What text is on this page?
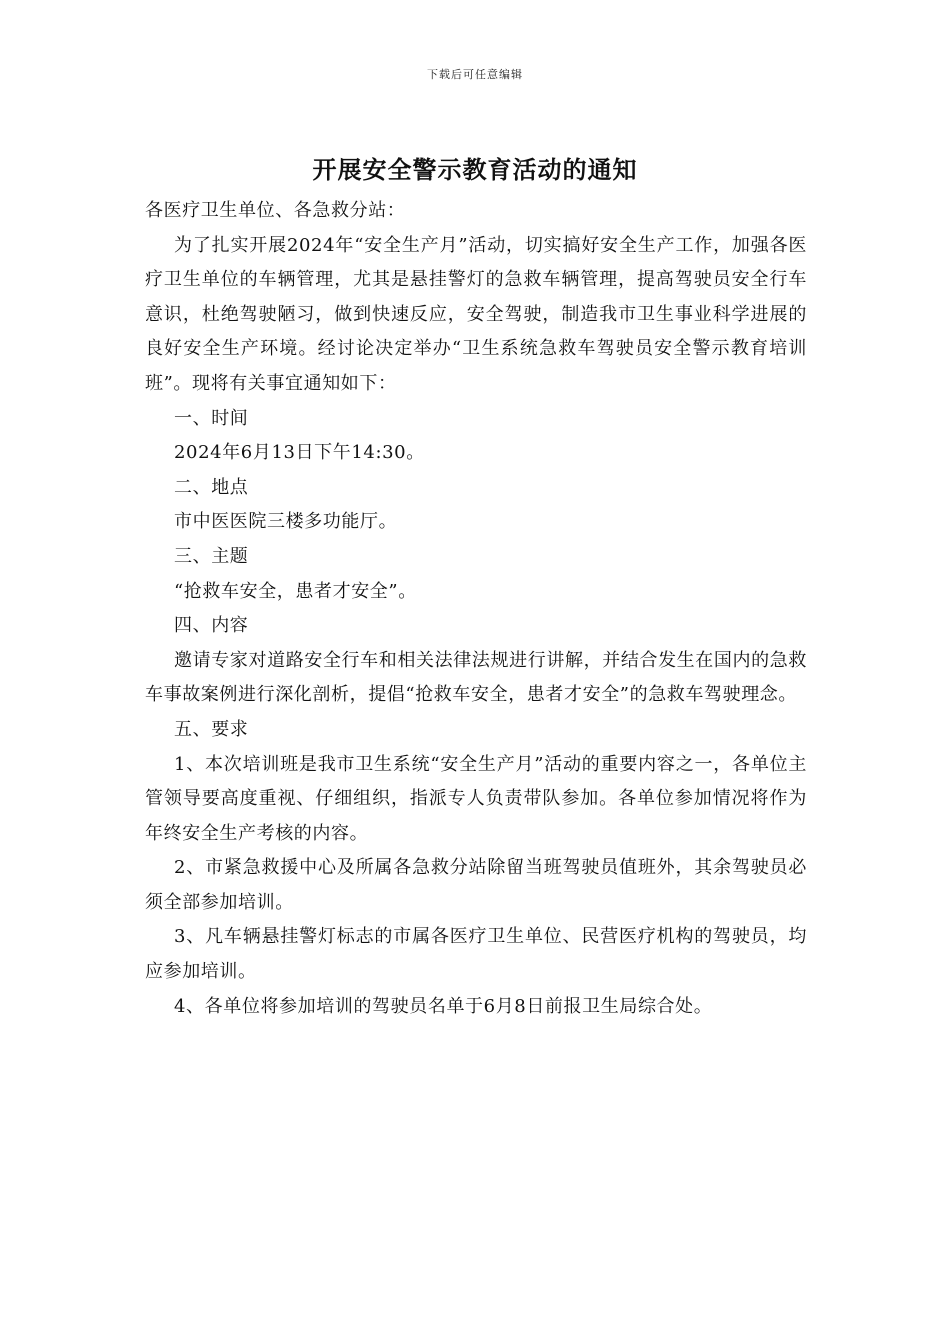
下载后可任意编辑
开展安全警示教育活动的通知

各医疗卫生单位、各急救分站：

为了扎实开展2024年“安全生产月”活动，切实搞好安全生产工作，加强各医疗卫生单位的车辆管理，尤其是悬挂警灯的急救车辆管理，提高驾驶员安全行车意识，杜绝驾驶陋习，做到快速反应，安全驾驶，制造我市卫生事业科学进展的良好安全生产环境。经讨论决定举办“卫生系统急救车驾驶员安全警示教育培训班”。现将有关事宜通知如下：

一、时间

2024年6月13日下午14:30。

二、地点

市中医医院三楼多功能厅。

三、主题

“抢救车安全，患者才安全”。

四、内容

邀请专家对道路安全行车和相关法律法规进行讲解，并结合发生在国内的急救车事故案例进行深化剖析，提倡“抢救车安全，患者才安全”的急救车驾驶理念。

五、要求

1、本次培训班是我市卫生系统“安全生产月”活动的重要内容之一，各单位主管领导要高度重视、仔细组织，指派专人负责带队参加。各单位参加情况将作为年终安全生产考核的内容。

2、市紧急救援中心及所属各急救分站除留当班驾驶员值班外，其余驾驶员必须全部参加培训。

3、凡车辆悬挂警灯标志的市属各医疗卫生单位、民营医疗机构的驾驶员，均应参加培训。

4、各单位将参加培训的驾驶员名单于6月8日前报卫生局综合处。
